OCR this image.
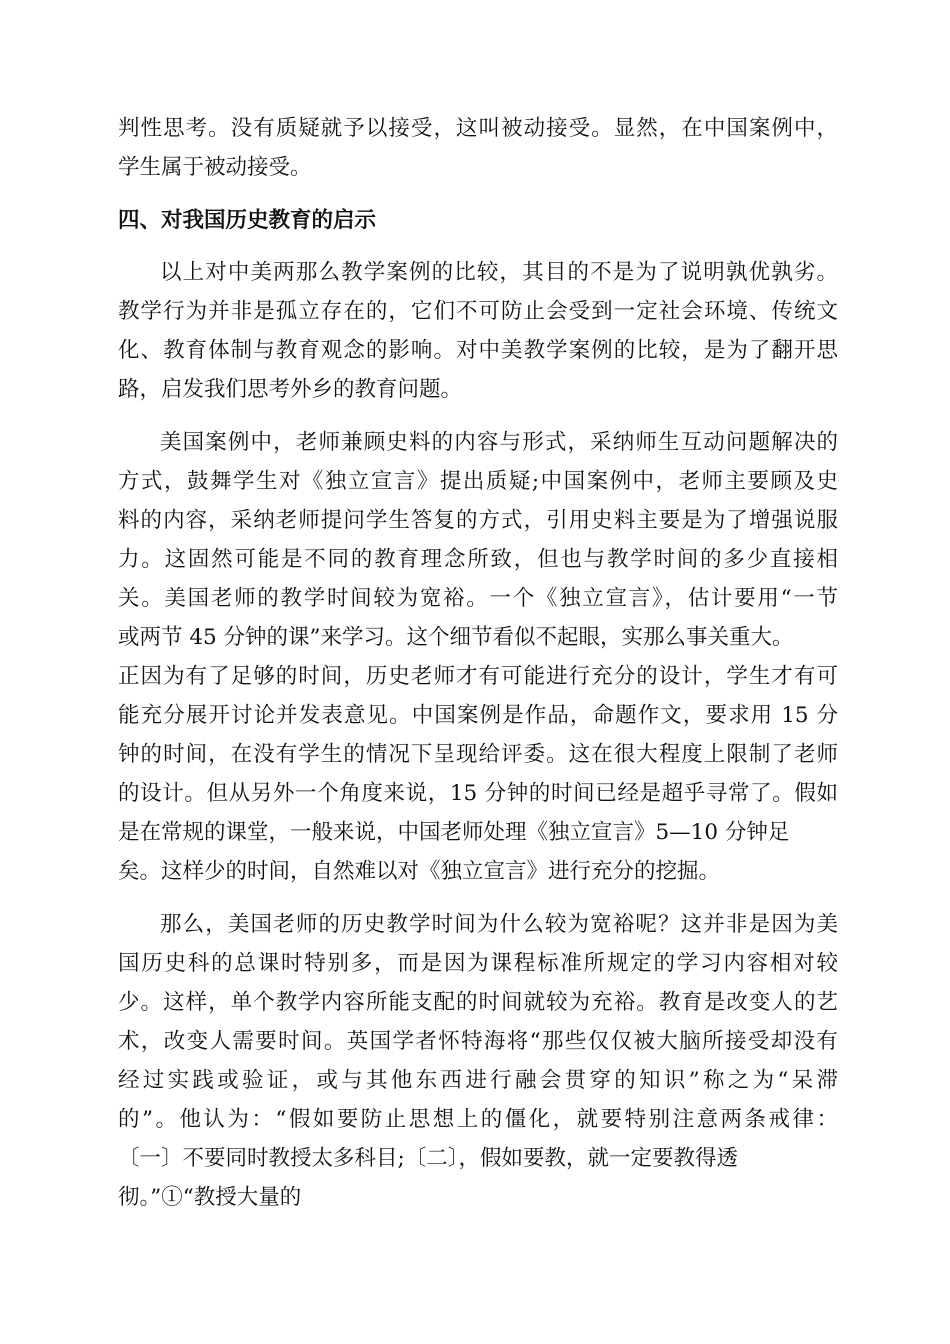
判性思考。没有质疑就予以接受，这叫被动接受。显然，在中国案例中，
学生属于被动接受。
四、对我国历史教育的启示
以上对中美两那么教学案例的比较，其目的不是为了说明孰优孰劣。
教学行为并非是孤立存在的，它们不可防止会受到一定社会环境、传统文
化、教育体制与教育观念的影响。对中美教学案例的比较，是为了翻开思
路，启发我们思考外乡的教育问题。
美国案例中，老师兼顾史料的内容与形式，采纳师生互动问题解决的
方式，鼓舞学生对《独立宣言》提出质疑;中国案例中，老师主要顾及史
料的内容，采纳老师提问学生答复的方式，引用史料主要是为了增强说服
力。这固然可能是不同的教育理念所致，但也与教学时间的多少直接相
关。美国老师的教学时间较为宽裕。一个《独立宣言》，估计要用“一节
或两节 45 分钟的课”来学习。这个细节看似不起眼，实那么事关重大。
正因为有了足够的时间，历史老师才有可能进行充分的设计，学生才有可
能充分展开讨论并发表意见。中国案例是作品，命题作文，要求用 15 分
钟的时间，在没有学生的情况下呈现给评委。这在很大程度上限制了老师
的设计。但从另外一个角度来说，15 分钟的时间已经是超乎寻常了。假如
是在常规的课堂，一般来说，中国老师处理《独立宣言》5—10 分钟足
矣。这样少的时间，自然难以对《独立宣言》进行充分的挖掘。
那么，美国老师的历史教学时间为什么较为宽裕呢？这并非是因为美
国历史科的总课时特别多，而是因为课程标准所规定的学习内容相对较
少。这样，单个教学内容所能支配的时间就较为充裕。教育是改变人的艺
术，改变人需要时间。英国学者怀特海将“那些仅仅被大脑所接受却没有
经过实践或验证，或与其他东西进行融会贯穿的知识”称之为“呆滞
的”。他认为：“假如要防止思想上的僵化，就要特别注意两条戒律：
〔一〕不要同时教授太多科目;〔二〕，假如要教，就一定要教得透
彻。”①“教授大量的
